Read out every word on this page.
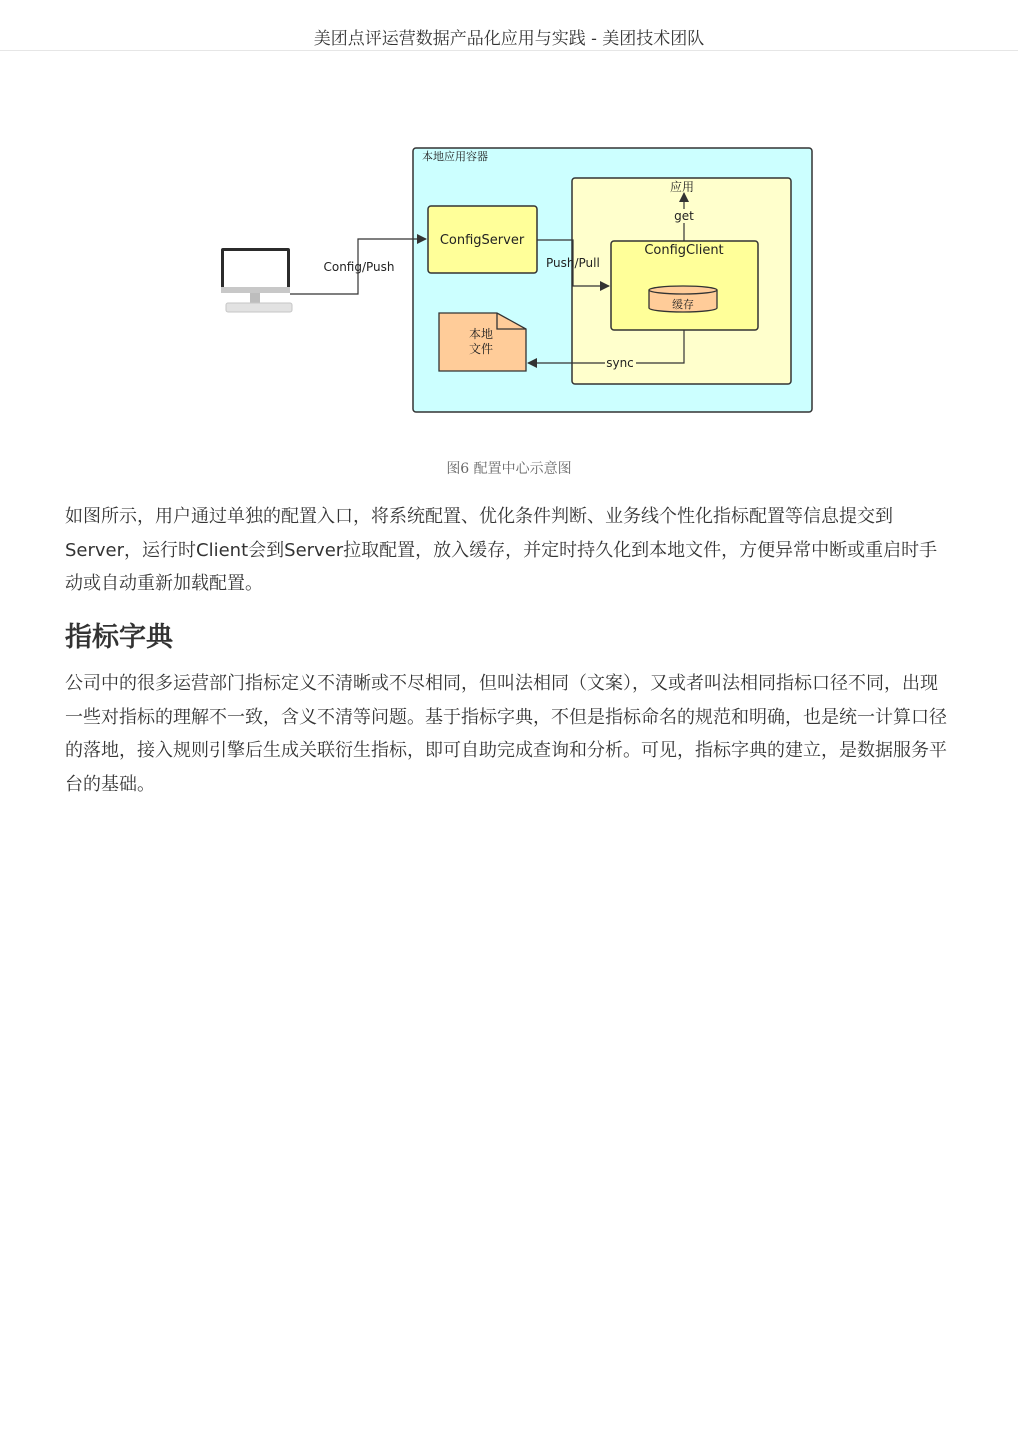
美团点评运营数据产品化应用与实践 - 美团技术团队
本地应用容器
应用
ConfigServer
ConfigClient
缓存
本地
文件
Config/Push	Push/Pull
get
sync
图6 配置中心示意图

如图所示，用户通过单独的配置入口，将系统配置、优化条件判断、业务线个性化指标配置等信息提交到Server，运行时Client会到Server拉取配置，放入缓存，并定时持久化到本地文件，方便异常中断或重启时手动或自动重新加载配置。

指标字典

公司中的很多运营部门指标定义不清晰或不尽相同，但叫法相同（文案），又或者叫法相同指标口径不同，出现一些对指标的理解不一致，含义不清等问题。基于指标字典，不但是指标命名的规范和明确，也是统一计算口径的落地，接入规则引擎后生成关联衍生指标，即可自助完成查询和分析。可见，指标字典的建立，是数据服务平台的基础。
